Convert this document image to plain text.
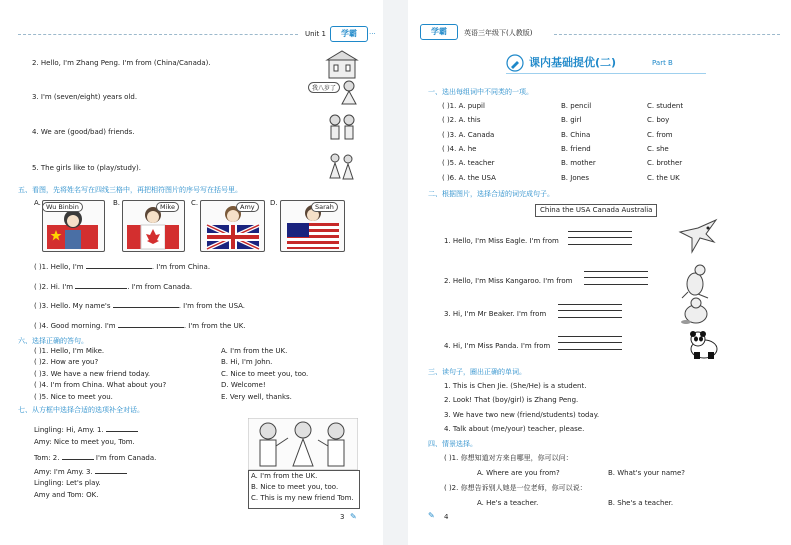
Unit 1	学霸	···
2. Hello, I'm Zhang Peng. I'm from (China/Canada).
3. I'm (seven/eight) years old.
4. We are (good/bad) friends.
5. The girls like to (play/study).
我八岁了
五、看图，先将姓名写在四线三格中，再把相符图片的序号写在括号里。
A. Wu Binbin	B.	Mike	C.	Amy	D.	Sarah
( )1. Hello, I'm	. I'm from China.
( )2. Hi. I'm	. I'm from Canada.
( )3. Hello. My name's	. I'm from the USA.
( )4. Good morning. I'm	. I'm from the UK.
六、选择正确的答句。
( )1. Hello, I'm Mike.
( )2. How are you?
( )3. We have a new friend today.
( )4. I'm from China. What about you?
( )5. Nice to meet you.
A. I'm from the UK.
B. Hi, I'm John.
C. Nice to meet you, too.
D. Welcome!
E. Very well, thanks.
七、从方框中选择合适的选项补全对话。
Lingling: Hi, Amy. 1.
Amy: Nice to meet you, Tom.
Tom: 2.	I'm from Canada.
Amy: I'm Amy. 3.
Lingling: Let's play.
Amy and Tom: OK.
A. I'm from the UK.
B. Nice to meet you, too.
C. This is my new friend Tom.
3 ✎
学霸	英语三年级下(人教版)
课内基础提优(二)	Part B
一、选出每组词中不同类的一项。
( )1. A. pupil	B. pencil	C. student
( )2. A. this	B. girl	C. boy
( )3. A. Canada	B. China	C. from
( )4. A. he	B. friend	C. she
( )5. A. teacher	B. mother	C. brother
( )6. A. the USA	B. Jones	C. the UK
二、根据图片，选择合适的词完成句子。
China the USA Canada Australia
1. Hello, I'm Miss Eagle. I'm from
2. Hello, I'm Miss Kangaroo. I'm from
3. Hi, I'm Mr Beaker. I'm from
4. Hi, I'm Miss Panda. I'm from
三、读句子，圈出正确的单词。
1. This is Chen Jie. (She/He) is a student.
2. Look! That (boy/girl) is Zhang Peng.
3. We have two new (friend/students) today.
4. Talk about (me/your) teacher, please.
四、情景选择。
( )1. 你想知道对方来自哪里，你可以问：
A. Where are you from?	B. What's your name?
( )2. 你想告诉别人她是一位老师，你可以说：
A. He's a teacher.	B. She's a teacher.
✎ 4
